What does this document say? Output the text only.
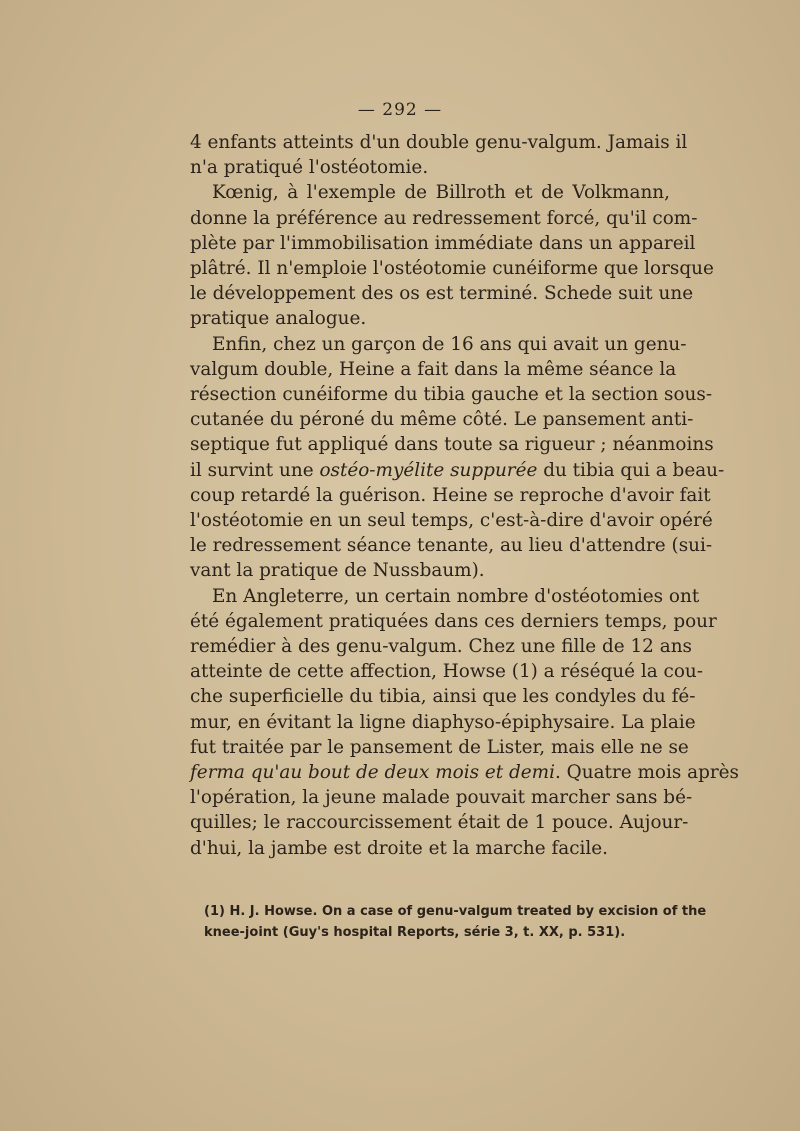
— 292 —
4 enfants atteints d'un double genu-valgum. Jamais il
n'a pratiqué l'ostéotomie.
Kœnig, à l'exemple de Billroth et de Volkmann,
donne la préférence au redressement forcé, qu'il com-
plète par l'immobilisation immédiate dans un appareil
plâtré. Il n'emploie l'ostéotomie cunéiforme que lorsque
le développement des os est terminé. Schede suit une
pratique analogue.
Enfin, chez un garçon de 16 ans qui avait un genu-
valgum double, Heine a fait dans la même séance la
résection cunéiforme du tibia gauche et la section sous-
cutanée du péroné du même côté. Le pansement anti-
septique fut appliqué dans toute sa rigueur ; néanmoins
il survint une ostéo-myélite suppurée du tibia qui a beau-
coup retardé la guérison. Heine se reproche d'avoir fait
l'ostéotomie en un seul temps, c'est-à-dire d'avoir opéré
le redressement séance tenante, au lieu d'attendre (sui-
vant la pratique de Nussbaum).
En Angleterre, un certain nombre d'ostéotomies ont
été également pratiquées dans ces derniers temps, pour
remédier à des genu-valgum. Chez une fille de 12 ans
atteinte de cette affection, Howse (1) a réséqué la cou-
che superficielle du tibia, ainsi que les condyles du fé-
mur, en évitant la ligne diaphyso-épiphysaire. La plaie
fut traitée par le pansement de Lister, mais elle ne se
ferma qu'au bout de deux mois et demi. Quatre mois après
l'opération, la jeune malade pouvait marcher sans bé-
quilles; le raccourcissement était de 1 pouce. Aujour-
d'hui, la jambe est droite et la marche facile.
(1) H. J. Howse. On a case of genu-valgum treated by excision of the
knee-joint (Guy's hospital Reports, série 3, t. XX, p. 531).
